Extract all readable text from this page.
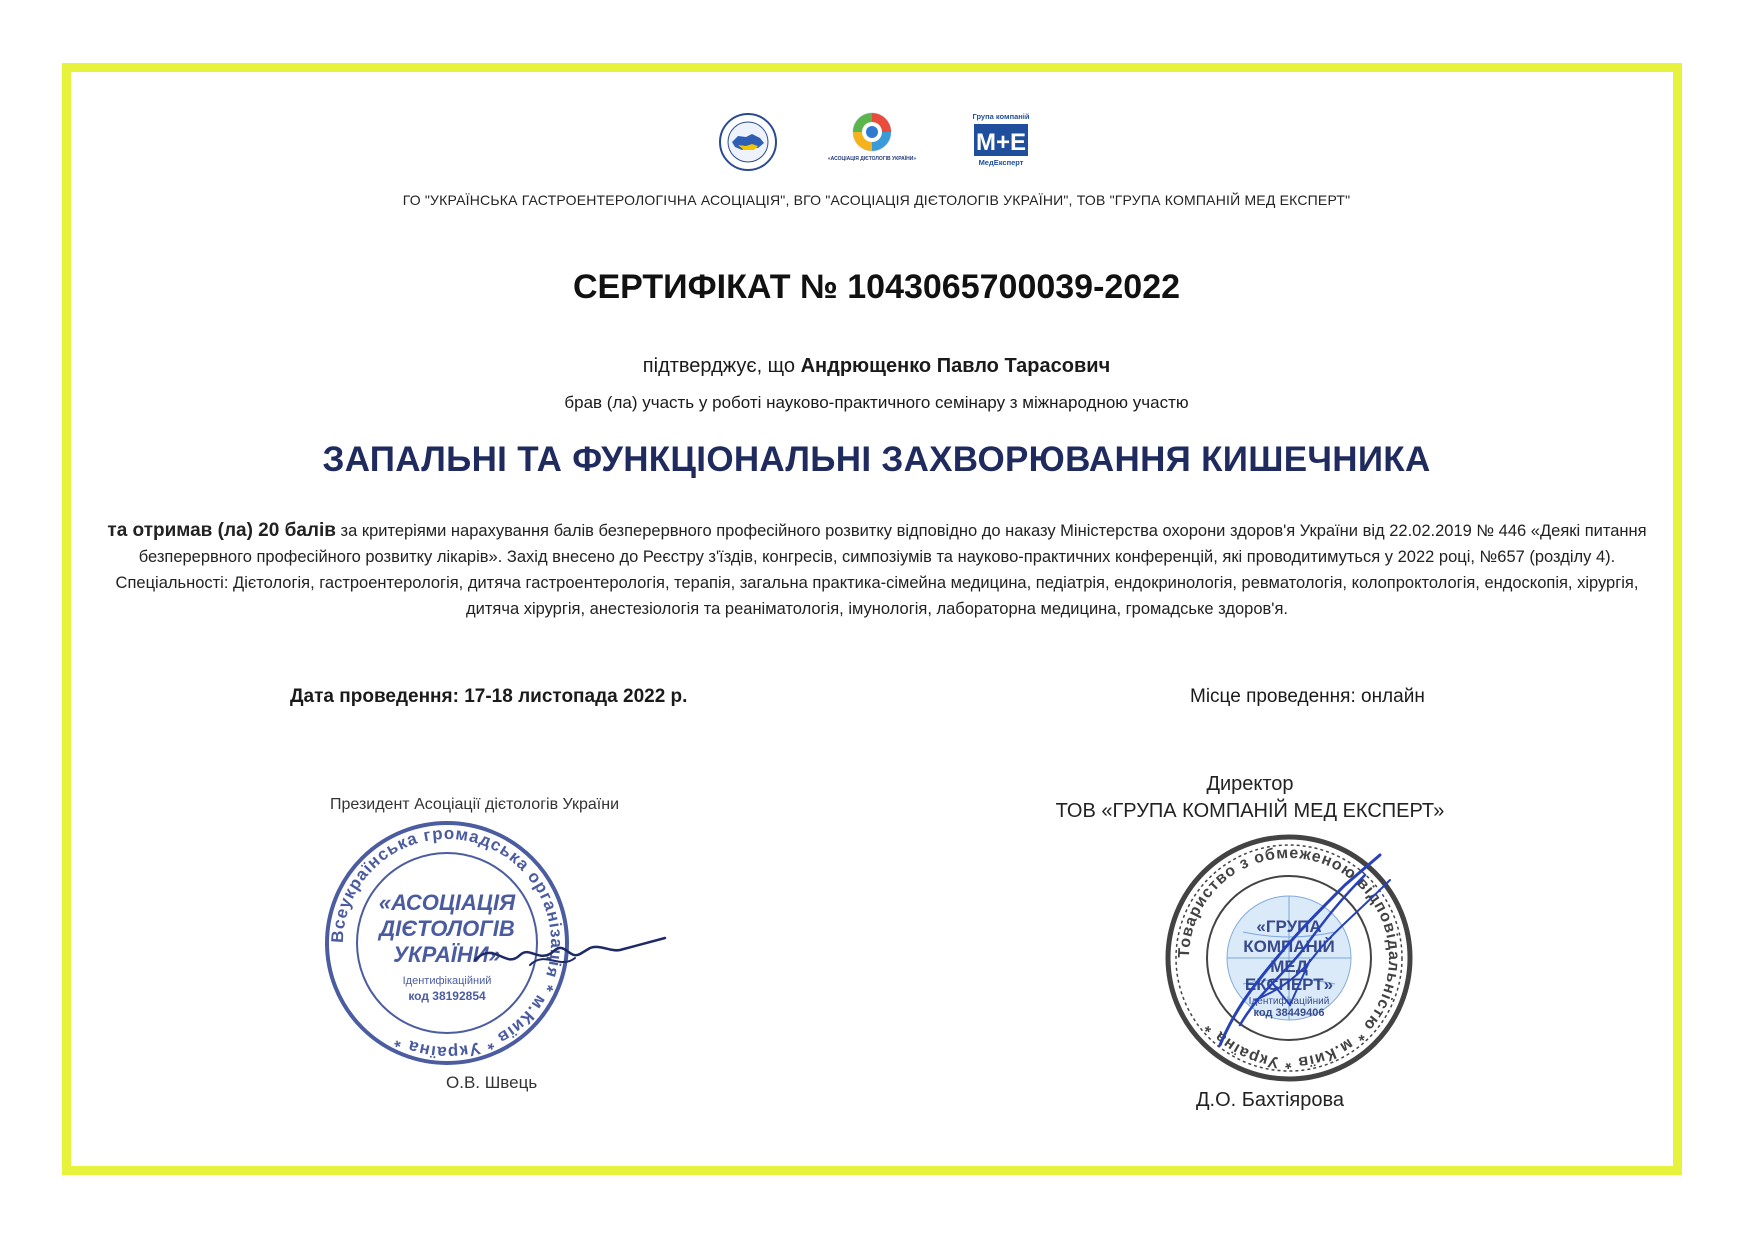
«АСОЦІАЦІЯ ДІЄТОЛОГІВ УКРАЇНИ»
Група компаній
М+Е
МедЕксперт
ГО "УКРАЇНСЬКА ГАСТРОЕНТЕРОЛОГІЧНА АСОЦІАЦІЯ", ВГО "АСОЦІАЦІЯ ДІЄТОЛОГІВ УКРАЇНИ", ТОВ "ГРУПА КОМПАНІЙ МЕД ЕКСПЕРТ"
СЕРТИФІКАТ № 1043065700039-2022
підтверджує, що Андрющенко Павло Тарасович
брав (ла) участь у роботі науково-практичного семінару з міжнародною участю
ЗАПАЛЬНІ ТА ФУНКЦІОНАЛЬНІ ЗАХВОРЮВАННЯ КИШЕЧНИКА
та отримав (ла) 20 балів за критеріями нарахування балів безперервного професійного розвитку відповідно до наказу Міністерства охорони здоров'я України від 22.02.2019 № 446 «Деякі питання безперервного професійного розвитку лікарів». Захід внесено до Реєстру з'їздів, конгресів, симпозіумів та науково-практичних конференцій, які проводитимуться у 2022 році, №657 (розділу 4). Спеціальності: Дієтологія, гастроентерологія, дитяча гастроентерологія, терапія, загальна практика-сімейна медицина, педіатрія, ендокринологія, ревматологія, колопроктологія, ендоскопія, хірургія, дитяча хірургія, анестезіологія та реаніматологія, імунологія, лабораторна медицина, громадське здоров'я.
Дата проведення: 17-18 листопада 2022 р.	Місце проведення: онлайн
Президент Асоціації дієтологів України
Всеукраїнська громадська організація * м.Київ * Україна *
«АСОЦІАЦІЯ
ДІЄТОЛОГІВ
УКРАЇНИ»
Ідентифікаційний
код 38192854
О.В. Швець
Директор
ТОВ «ГРУПА КОМПАНІЙ МЕД ЕКСПЕРТ»
Товариство з обмеженою відповідальністю * м.Київ * Україна *
«ГРУПА
КОМПАНІЙ
МЕД
ЕКСПЕРТ»
Ідентифікаційний
код 38449406
Д.О. Бахтіярова
